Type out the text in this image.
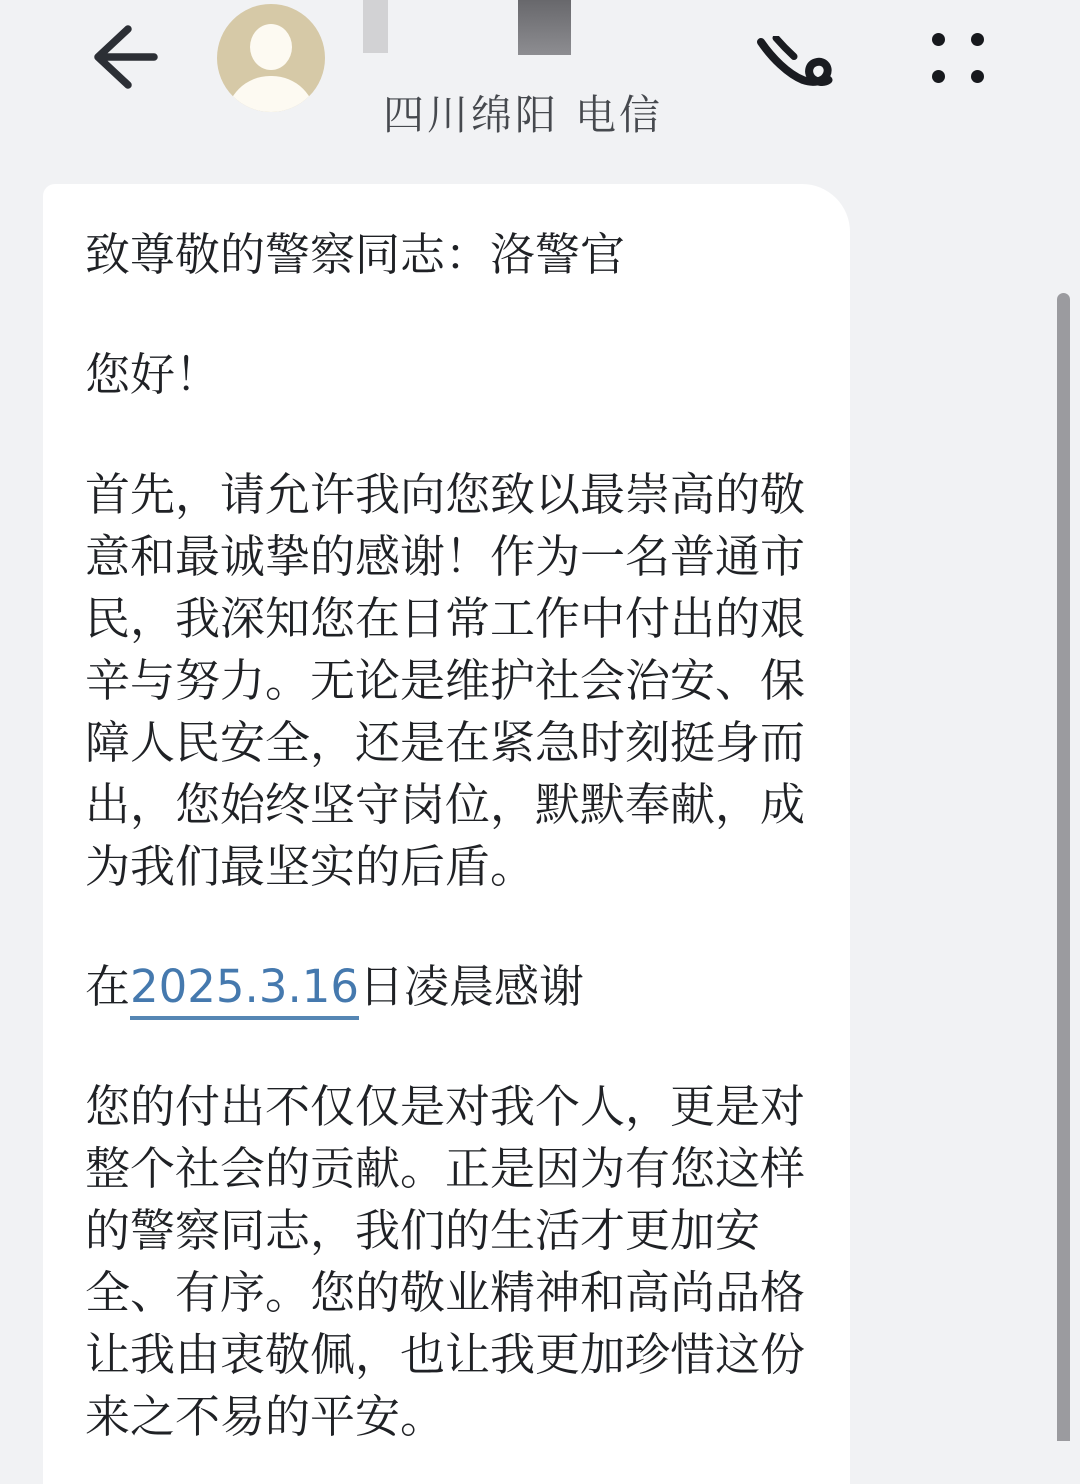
四川绵阳 电信

致尊敬的警察同志：洛警官

您好！

首先，请允许我向您致以最崇高的敬意和最诚挚的感谢！作为一名普通市民，我深知您在日常工作中付出的艰辛与努力。无论是维护社会治安、保障人民安全，还是在紧急时刻挺身而出，您始终坚守岗位，默默奉献，成为我们最坚实的后盾。

在2025.3.16日凌晨感谢

您的付出不仅仅是对我个人，更是对整个社会的贡献。正是因为有您这样的警察同志，我们的生活才更加安全、有序。您的敬业精神和高尚品格让我由衷敬佩，也让我更加珍惜这份来之不易的平安。
